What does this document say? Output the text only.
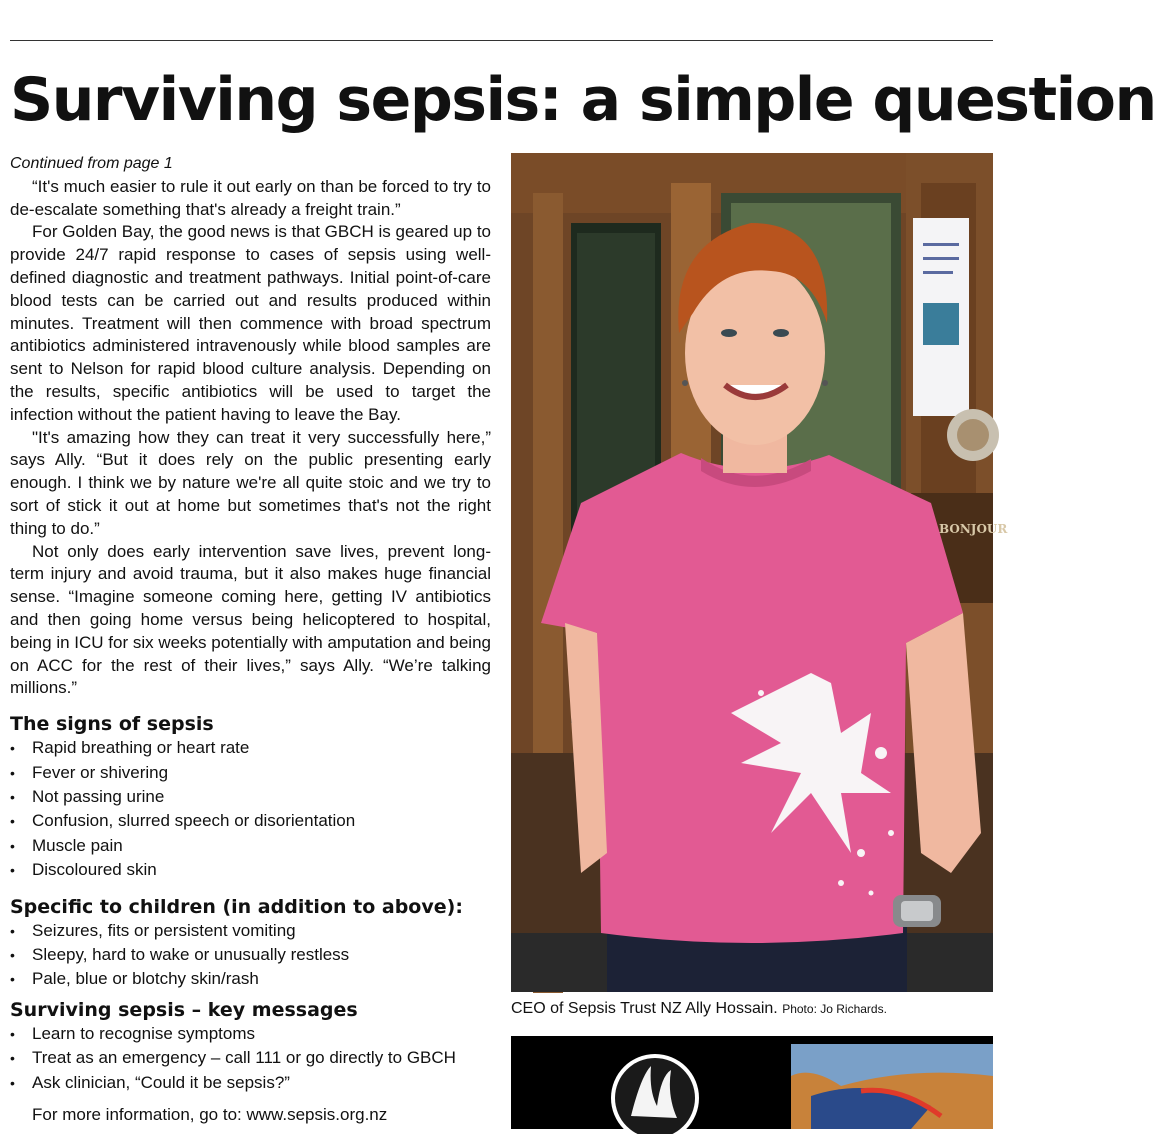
Surviving sepsis: a simple question

Continued from page 1

“It's much easier to rule it out early on than be forced to try to de-escalate something that's already a freight train.”

For Golden Bay, the good news is that GBCH is geared up to provide 24/7 rapid response to cases of sepsis using well-defined diagnostic and treatment pathways. Initial point-of-care blood tests can be carried out and results produced within minutes. Treatment will then commence with broad spectrum antibiotics administered intravenously while blood samples are sent to Nelson for rapid blood culture analysis. Depending on the results, specific antibiotics will be used to target the infection without the patient having to leave the Bay.

"It's amazing how they can treat it very successfully here,” says Ally. “But it does rely on the public presenting early enough. I think we by nature we're all quite stoic and we try to sort of stick it out at home but sometimes that's not the right thing to do.”

Not only does early intervention save lives, prevent long-term injury and avoid trauma, but it also makes huge financial sense. “Imagine someone coming here, getting IV antibiotics and then going home versus being helicoptered to hospital, being in ICU for six weeks potentially with amputation and being on ACC for the rest of their lives,” says Ally. “We’re talking millions.”

The signs of sepsis
• Rapid breathing or heart rate
• Fever or shivering
• Not passing urine
• Confusion, slurred speech or disorientation
• Muscle pain
• Discoloured skin
Specific to children (in addition to above):
• Seizures, fits or persistent vomiting
• Sleepy, hard to wake or unusually restless
• Pale, blue or blotchy skin/rash
Surviving sepsis – key messages
• Learn to recognise symptoms
• Treat as an emergency – call 111 or go directly to GBCH
• Ask clinician, “Could it be sepsis?”

For more information, go to: www.sepsis.org.nz

BONJOUR
CEO of Sepsis Trust NZ Ally Hossain. Photo: Jo Richards.
